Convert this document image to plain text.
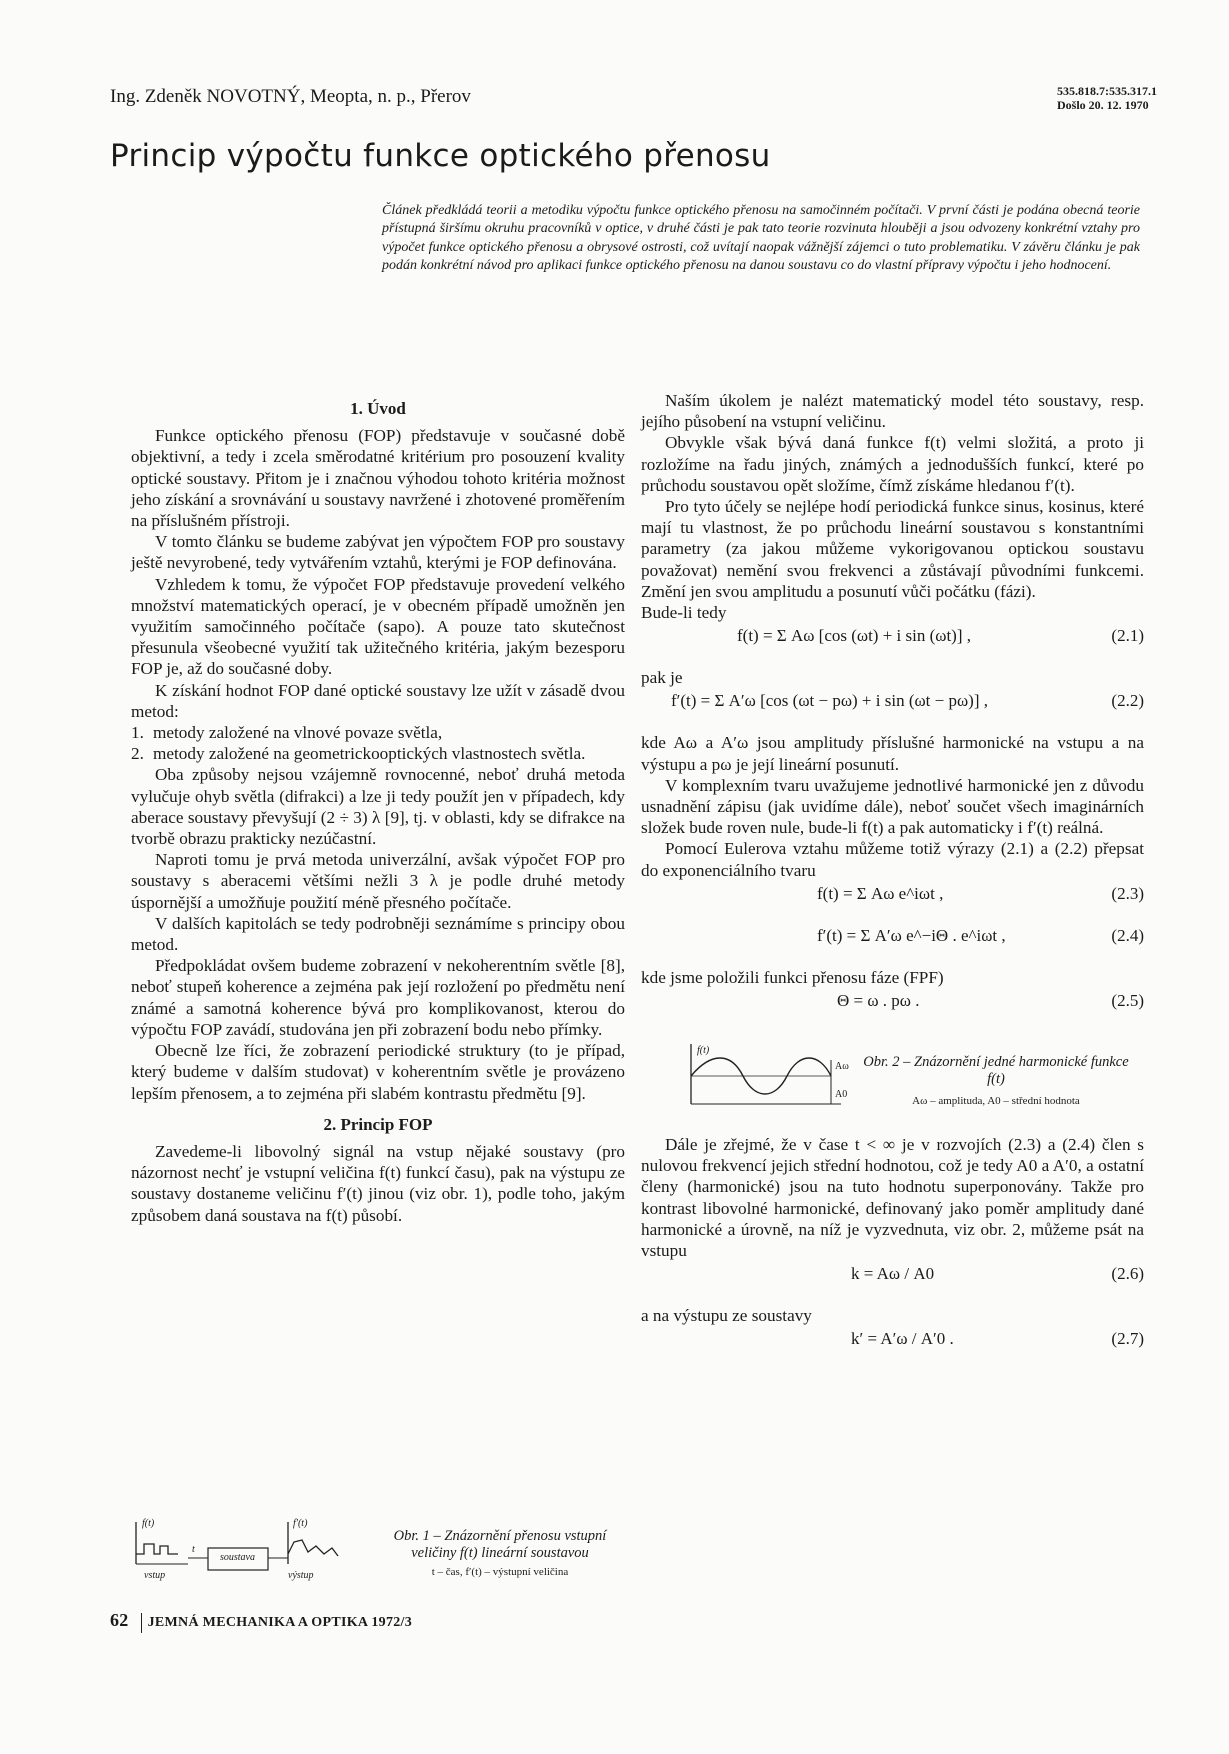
Ing. Zdeněk NOVOTNÝ, Meopta, n. p., Přerov	535.818.7:535.317.1
Došlo 20. 12. 1970
Princip výpočtu funkce optického přenosu
Článek předkládá teorii a metodiku výpočtu funkce optického přenosu na samočinném počítači. V první části je podána obecná teorie přístupná širšímu okruhu pracovníků v optice, v druhé části je pak tato teorie rozvinuta hlouběji a jsou odvozeny konkrétní vztahy pro výpočet funkce optického přenosu a obrysové ostrosti, což uvítají naopak vážnější zájemci o tuto problematiku. V závěru článku je pak podán konkrétní návod pro aplikaci funkce optického přenosu na danou soustavu co do vlastní přípravy výpočtu i jeho hodnocení.
1. Úvod

Funkce optického přenosu (FOP) představuje v současné době objektivní, a tedy i zcela směrodatné kritérium pro posouzení kvality optické soustavy. Přitom je i značnou výhodou tohoto kritéria možnost jeho získání a srovnávání u soustavy navržené i zhotovené proměřením na příslušném přístroji.

V tomto článku se budeme zabývat jen výpočtem FOP pro soustavy ještě nevyrobené, tedy vytvářením vztahů, kterými je FOP definována.

Vzhledem k tomu, že výpočet FOP představuje provedení velkého množství matematických operací, je v obecném případě umožněn jen využitím samočinného počítače (sapo). A pouze tato skutečnost přesunula všeobecné využití tak užitečného kritéria, jakým bezesporu FOP je, až do současné doby.

K získání hodnot FOP dané optické soustavy lze užít v zásadě dvou metod:

1. metody založené na vlnové povaze světla,

2. metody založené na geometrickooptických vlastnostech světla.

Oba způsoby nejsou vzájemně rovnocenné, neboť druhá metoda vylučuje ohyb světla (difrakci) a lze ji tedy použít jen v případech, kdy aberace soustavy převyšují (2 ÷ 3) λ [9], tj. v oblasti, kdy se difrakce na tvorbě obrazu prakticky nezúčastní.

Naproti tomu je prvá metoda univerzální, avšak výpočet FOP pro soustavy s aberacemi většími nežli 3 λ je podle druhé metody úspornější a umožňuje použití méně přesného počítače.

V dalších kapitolách se tedy podrobněji seznámíme s principy obou metod.

Předpokládat ovšem budeme zobrazení v nekoherentním světle [8], neboť stupeň koherence a zejména pak její rozložení po předmětu není známé a samotná koherence bývá pro komplikovanost, kterou do výpočtu FOP zavádí, studována jen při zobrazení bodu nebo přímky.

Obecně lze říci, že zobrazení periodické struktury (to je případ, který budeme v dalším studovat) v koherentním světle je provázeno lepším přenosem, a to zejména při slabém kontrastu předmětu [9].

2. Princip FOP

Zavedeme-li libovolný signál na vstup nějaké soustavy (pro názornost nechť je vstupní veličina f(t) funkcí času), pak na výstupu ze soustavy dostaneme veličinu f′(t) jinou (viz obr. 1), podle toho, jakým způsobem daná soustava na f(t) působí.

f(t)	f′(t)
t
soustava
vstup	výstup
Obr. 1 – Znázornění přenosu vstupní veličiny f(t) lineární soustavou
t – čas, f′(t) – výstupní veličina

Naším úkolem je nalézt matematický model této soustavy, resp. jejího působení na vstupní veličinu.

Obvykle však bývá daná funkce f(t) velmi složitá, a proto ji rozložíme na řadu jiných, známých a jednodušších funkcí, které po průchodu soustavou opět složíme, čímž získáme hledanou f′(t).

Pro tyto účely se nejlépe hodí periodická funkce sinus, kosinus, které mají tu vlastnost, že po průchodu lineární soustavou s konstantními parametry (za jakou můžeme vykorigovanou optickou soustavu považovat) nemění svou frekvenci a zůstávají původními funkcemi. Změní jen svou amplitudu a posunutí vůči počátku (fázi).

Bude-li tedy

f(t) = Σ Aω [cos (ωt) + i sin (ωt)] ,	(2.1)

pak je

f′(t) = Σ A′ω [cos (ωt − pω) + i sin (ωt − pω)] ,	(2.2)

kde Aω a A′ω jsou amplitudy příslušné harmonické na vstupu a na výstupu a pω je její lineární posunutí.

V komplexním tvaru uvažujeme jednotlivé harmonické jen z důvodu usnadnění zápisu (jak uvidíme dále), neboť součet všech imaginárních složek bude roven nule, bude-li f(t) a pak automaticky i f′(t) reálná.

Pomocí Eulerova vztahu můžeme totiž výrazy (2.1) a (2.2) přepsat do exponenciálního tvaru

f(t) = Σ Aω e^iωt ,	(2.3)
f′(t) = Σ A′ω e^−iΘ . e^iωt ,	(2.4)

kde jsme položili funkci přenosu fáze (FPF)

Θ = ω . pω .	(2.5)
f(t)
Aω
A0
Obr. 2 – Znázornění jedné harmonické funkce f(t)
Aω – amplituda, A0 – střední hodnota

Dále je zřejmé, že v čase t < ∞ je v rozvojích (2.3) a (2.4) člen s nulovou frekvencí jejich střední hodnotou, což je tedy A0 a A′0, a ostatní členy (harmonické) jsou na tuto hodnotu superponovány. Takže pro kontrast libovolné harmonické, definovaný jako poměr amplitudy dané harmonické a úrovně, na níž je vyzvednuta, viz obr. 2, můžeme psát na vstupu

k = Aω / A0	(2.6)

a na výstupu ze soustavy

k′ = A′ω / A′0 .	(2.7)
62 JEMNÁ MECHANIKA A OPTIKA 1972/3
